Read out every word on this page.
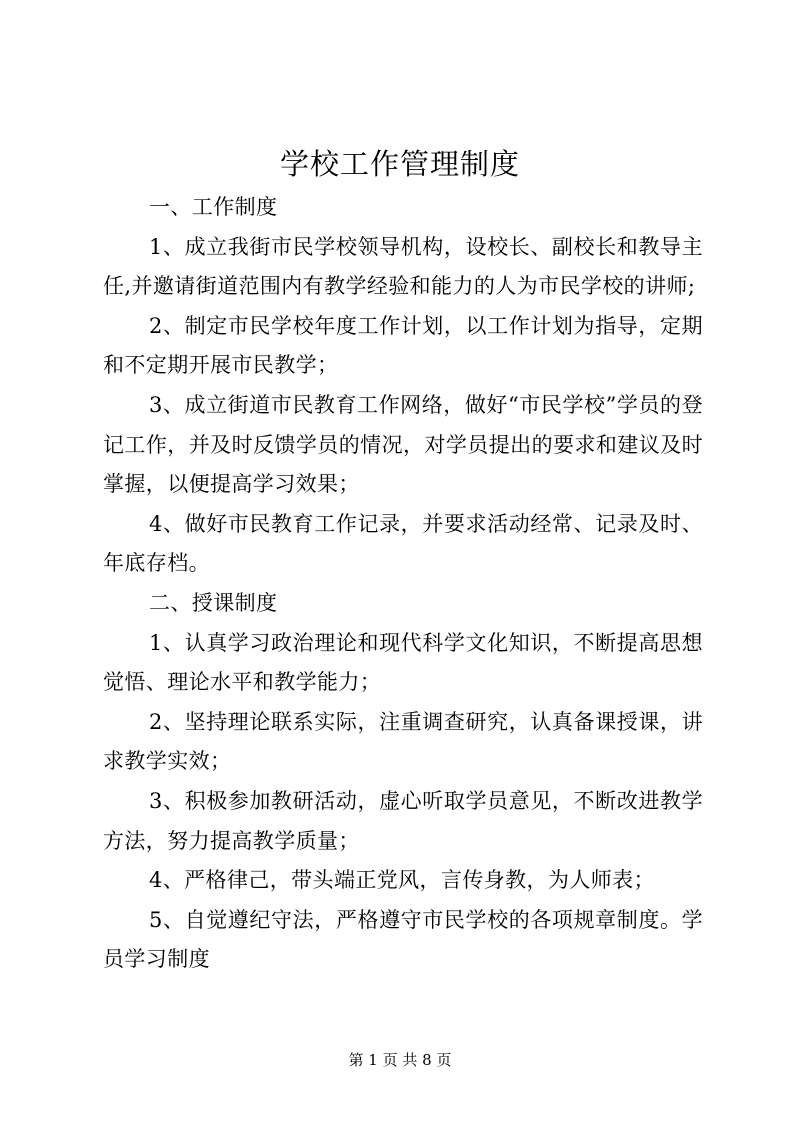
学校工作管理制度

一、工作制度

1、成立我街市民学校领导机构，设校长、副校长和教导主任,并邀请街道范围内有教学经验和能力的人为市民学校的讲师;

2、制定市民学校年度工作计划，以工作计划为指导，定期和不定期开展市民教学；

3、成立街道市民教育工作网络，做好“市民学校”学员的登记工作，并及时反馈学员的情况，对学员提出的要求和建议及时掌握，以便提高学习效果；

4、做好市民教育工作记录，并要求活动经常、记录及时、年底存档。

二、授课制度

1、认真学习政治理论和现代科学文化知识，不断提高思想觉悟、理论水平和教学能力；

2、坚持理论联系实际，注重调查研究，认真备课授课，讲求教学实效；

3、积极参加教研活动，虚心听取学员意见，不断改进教学方法，努力提高教学质量；

4、严格律己，带头端正党风，言传身教，为人师表；

5、自觉遵纪守法，严格遵守市民学校的各项规章制度。学员学习制度

第 1 页 共 8 页
